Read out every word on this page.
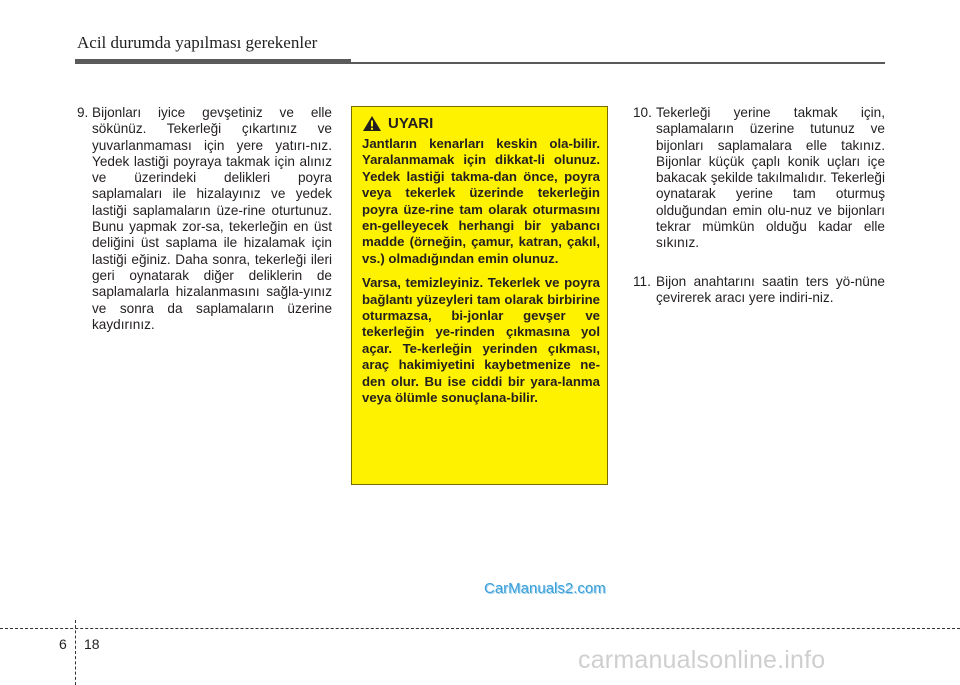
Acil durumda yapılması gerekenler
9. Bijonları iyice gevşetiniz ve elle sökünüz. Tekerleği çıkartınız ve yuvarlanmaması için yere yatırı-nız. Yedek lastiği poyraya takmak için alınız ve üzerindeki delikleri poyra saplamaları ile hizalayınız ve yedek lastiği saplamaların üze-rine oturtunuz. Bunu yapmak zor-sa, tekerleğin en üst deliğini üst saplama ile hizalamak için lastiği eğiniz. Daha sonra, tekerleği ileri geri oynatarak diğer deliklerin de saplamalarla hizalanmasını sağla-yınız ve sonra da saplamaların üzerine kaydırınız.
UYARI

Jantların kenarları keskin ola-bilir. Yaralanmamak için dikkat-li olunuz. Yedek lastiği takma-dan önce, poyra veya tekerlek üzerinde tekerleğin poyra üze-rine tam olarak oturmasını en-gelleyecek herhangi bir yabancı madde (örneğin, çamur, katran, çakıl, vs.) olmadığından emin olunuz.

Varsa, temizleyiniz. Tekerlek ve poyra bağlantı yüzeyleri tam olarak birbirine oturmazsa, bi-jonlar gevşer ve tekerleğin ye-rinden çıkmasına yol açar. Te-kerleğin yerinden çıkması, araç hakimiyetini kaybetmenize ne-den olur. Bu ise ciddi bir yara-lanma veya ölümle sonuçlana-bilir.

10. Tekerleği yerine takmak için, saplamaların üzerine tutunuz ve bijonları saplamalara elle takınız. Bijonlar küçük çaplı konik uçları içe bakacak şekilde takılmalıdır. Tekerleği oynatarak yerine tam oturmuş olduğundan emin olu-nuz ve bijonları tekrar mümkün olduğu kadar elle sıkınız.
11. Bijon anahtarını saatin ters yö-nüne çevirerek aracı yere indiri-niz.
CarManuals2.com
6 18
carmanualsonline.info
